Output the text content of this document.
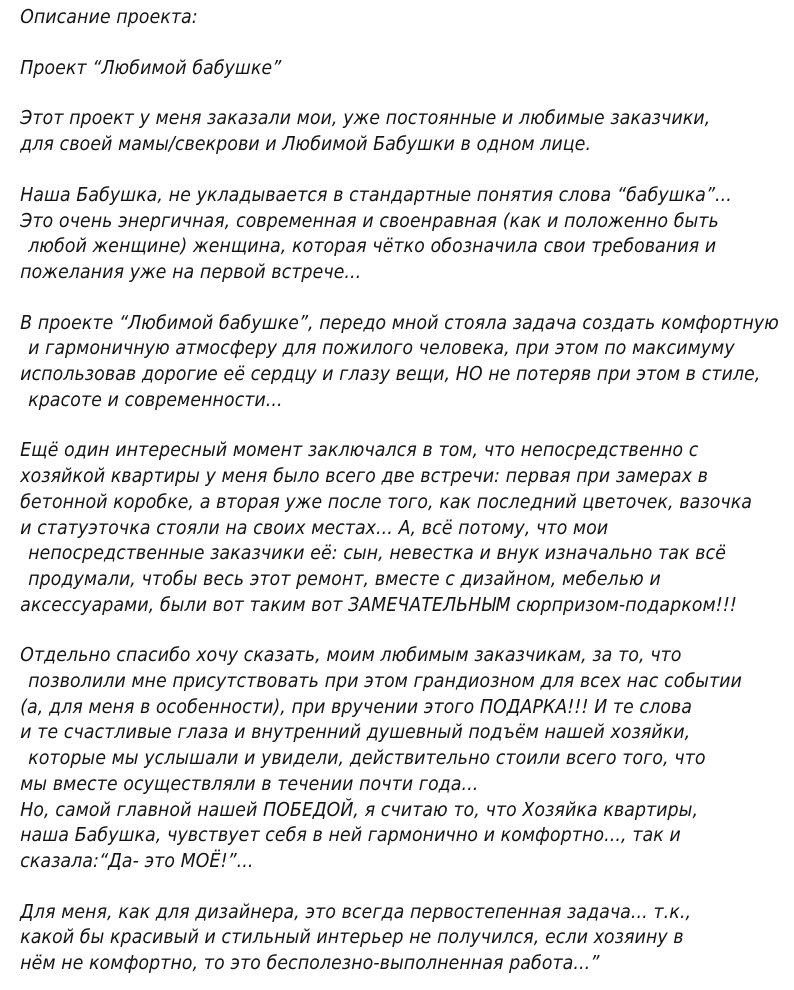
Описание проекта:
Проект “Любимой бабушке”
Этот проект у меня заказали мои, уже постоянные и любимые заказчики,
для своей мамы/свекрови и Любимой Бабушки в одном лице.
Наша Бабушка, не укладывается в стандартные понятия слова “бабушка”...
Это очень энергичная, современная и своенравная (как и положенно быть
любой женщине) женщина, которая чётко обозначила свои требования и
пожелания уже на первой встрече...
В проекте “Любимой бабушке”, передо мной стояла задача создать комфортную
и гармоничную атмосферу для пожилого человека, при этом по максимуму
использовав дорогие её сердцу и глазу вещи, НО не потеряв при этом в стиле,
красоте и современности...
Ещё один интересный момент заключался в том, что непосредственно с
хозяйкой квартиры у меня было всего две встречи: первая при замерах в
бетонной коробке, а вторая уже после того, как последний цветочек, вазочка
и статуэточка стояли на своих местах... А, всё потому, что мои
непосредственные заказчики её: сын, невестка и внук изначально так всё
продумали, чтобы весь этот ремонт, вместе с дизайном, мебелью и
аксессуарами, были вот таким вот ЗАМЕЧАТЕЛЬНЫМ сюрпризом-подарком!!!
Отдельно спасибо хочу сказать, моим любимым заказчикам, за то, что
позволили мне присутствовать при этом грандиозном для всех нас событии
(а, для меня в особенности), при вручении этого ПОДАРКА!!! И те слова
и те счастливые глаза и внутренний душевный подъём нашей хозяйки,
которые мы услышали и увидели, действительно стоили всего того, что
мы вместе осуществляли в течении почти года...
Но, самой главной нашей ПОБЕДОЙ, я считаю то, что Хозяйка квартиры,
наша Бабушка, чувствует себя в ней гармонично и комфортно..., так и
сказала:“Да- это МОЁ!”...
Для меня, как для дизайнера, это всегда первостепенная задача... т.к.,
какой бы красивый и стильный интерьер не получился, если хозяину в
нём не комфортно, то это бесполезно-выполненная работа...”
